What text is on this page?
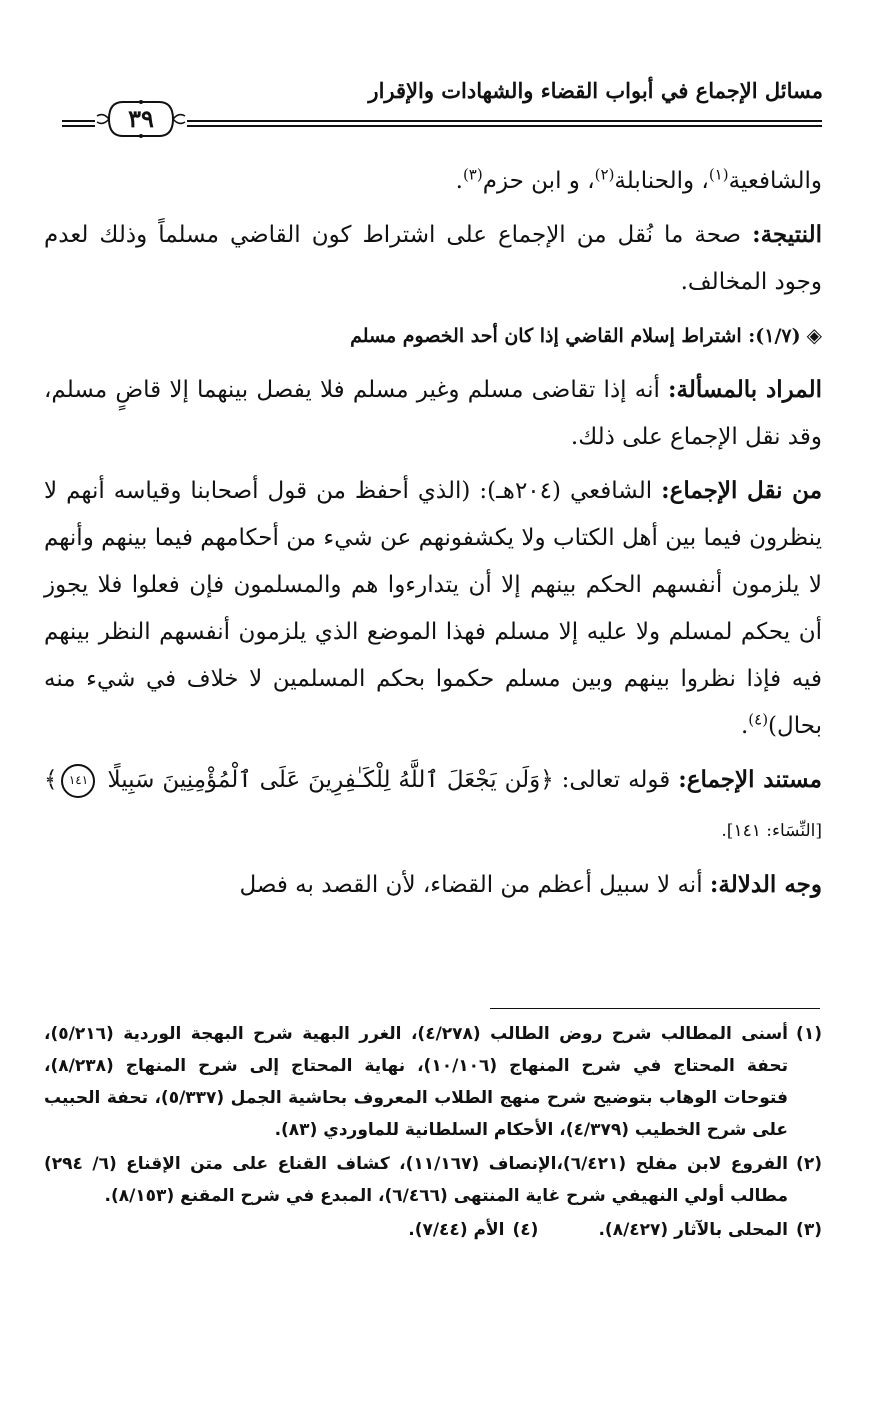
مسائل الإجماع في أبواب القضاء والشهادات والإقرار
٣٩

والشافعية$^{(١)}$، والحنابلة$^{(٢)}$، و ابن حزم$^{(٣)}$.

النتيجة: صحة ما نُقل من الإجماع على اشتراط كون القاضي مسلماً وذلك لعدم وجود المخالف.

◈(١/٧): اشتراط إسلام القاضي إذا كان أحد الخصوم مسلم

المراد بالمسألة: أنه إذا تقاضى مسلم وغير مسلم فلا يفصل بينهما إلا قاضٍ مسلم، وقد نقل الإجماع على ذلك.

من نقل الإجماع: الشافعي (٢٠٤هـ): (الذي أحفظ من قول أصحابنا وقياسه أنهم لا ينظرون فيما بين أهل الكتاب ولا يكشفونهم عن شيء من أحكامهم فيما بينهم وأنهم لا يلزمون أنفسهم الحكم بينهم إلا أن يتدارءوا هم والمسلمون فإن فعلوا فلا يجوز أن يحكم لمسلم ولا عليه إلا مسلم فهذا الموضع الذي يلزمون أنفسهم النظر بينهم فيه فإذا نظروا بينهم وبين مسلم حكموا بحكم المسلمين لا خلاف في شيء منه بحال)$^{(٤)}$.

مستند الإجماع: قوله تعالى: ﴿وَلَن يَجْعَلَ ٱللَّهُ لِلْكَـٰفِرِينَ عَلَى ٱلْمُؤْمِنِينَ سَبِيلًا ١٤١﴾ [النِّسَاء: ١٤١].

وجه الدلالة: أنه لا سبيل أعظم من القضاء، لأن القصد به فصل

(١)
أسنى المطالب شرح روض الطالب (٤/٢٧٨)، الغرر البهية شرح البهجة الوردية (٥/٢١٦)، تحفة المحتاج في شرح المنهاج (١٠/١٠٦)، نهاية المحتاج إلى شرح المنهاج (٨/٢٣٨)، فتوحات الوهاب بتوضيح شرح منهج الطلاب المعروف بحاشية الجمل (٥/٣٣٧)، تحفة الحبيب على شرح الخطيب (٤/٣٧٩)، الأحكام السلطانية للماوردي (٨٣).
(٢)
الفروع لابن مفلح (٦/٤٢١)،الإنصاف (١١/١٦٧)، كشاف القناع على متن الإقناع (٦/ ٢٩٤) مطالب أولي النهيفي شرح غاية المنتهى (٦/٤٦٦)، المبدع في شرح المقنع (٨/١٥٣).
(٣)
المحلى بالآثار (٨/٤٢٧).
(٤)
الأم (٧/٤٤).
